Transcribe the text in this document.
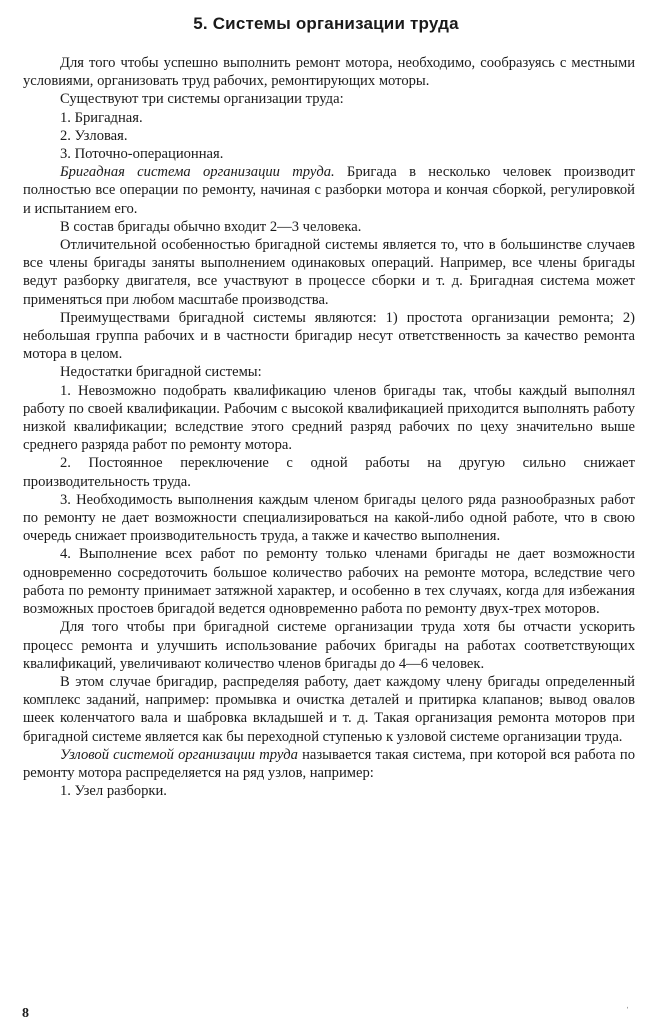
5. Системы организации труда

Для того чтобы успешно выполнить ремонт мотора, необходимо, сообразуясь с местными условиями, организовать труд рабочих, ремонтирующих моторы.

Существуют три системы организации труда:

1. Бригадная.

2. Узловая.

3. Поточно-операционная.

Бригадная система организации труда. Бригада в несколько человек производит полностью все операции по ремонту, начиная с разборки мотора и кончая сборкой, регулировкой и испытанием его.

В состав бригады обычно входит 2—3 человека.

Отличительной особенностью бригадной системы является то, что в большинстве случаев все члены бригады заняты выполнением одинаковых операций. Например, все члены бригады ведут разборку двигателя, все участвуют в процессе сборки и т. д. Бригадная система может применяться при любом масштабе производства.

Преимуществами бригадной системы являются: 1) простота организации ремонта; 2) небольшая группа рабочих и в частности бригадир несут ответственность за качество ремонта мотора в целом.

Недостатки бригадной системы:

1. Невозможно подобрать квалификацию членов бригады так, чтобы каждый выполнял работу по своей квалификации. Рабочим с высокой квалификацией приходится выполнять работу низкой квалификации; вследствие этого средний разряд рабочих по цеху значительно выше среднего разряда работ по ремонту мотора.

2. Постоянное переключение с одной работы на другую сильно снижает производительность труда.

3. Необходимость выполнения каждым членом бригады целого ряда разнообразных работ по ремонту не дает возможности специализироваться на какой-либо одной работе, что в свою очередь снижает производительность труда, а также и качество выполнения.

4. Выполнение всех работ по ремонту только членами бригады не дает возможности одновременно сосредоточить большое количество рабочих на ремонте мотора, вследствие чего работа по ремонту принимает затяжной характер, и особенно в тех случаях, когда для избежания возможных простоев бригадой ведется одновременно работа по ремонту двух-трех моторов.

Для того чтобы при бригадной системе организации труда хотя бы отчасти ускорить процесс ремонта и улучшить использование рабочих бригады на работах соответствующих квалификаций, увеличивают количество членов бригады до 4—6 человек.

В этом случае бригадир, распределяя работу, дает каждому члену бригады определенный комплекс заданий, например: промывка и очистка деталей и притирка клапанов; вывод овалов шеек коленчатого вала и шабровка вкладышей и т. д. Такая организация ремонта моторов при бригадной системе является как бы переходной ступенью к узловой системе организации труда.

Узловой системой организации труда называется такая система, при которой вся работа по ремонту мотора распределяется на ряд узлов, например:

1. Узел разборки.

8	ˈ
